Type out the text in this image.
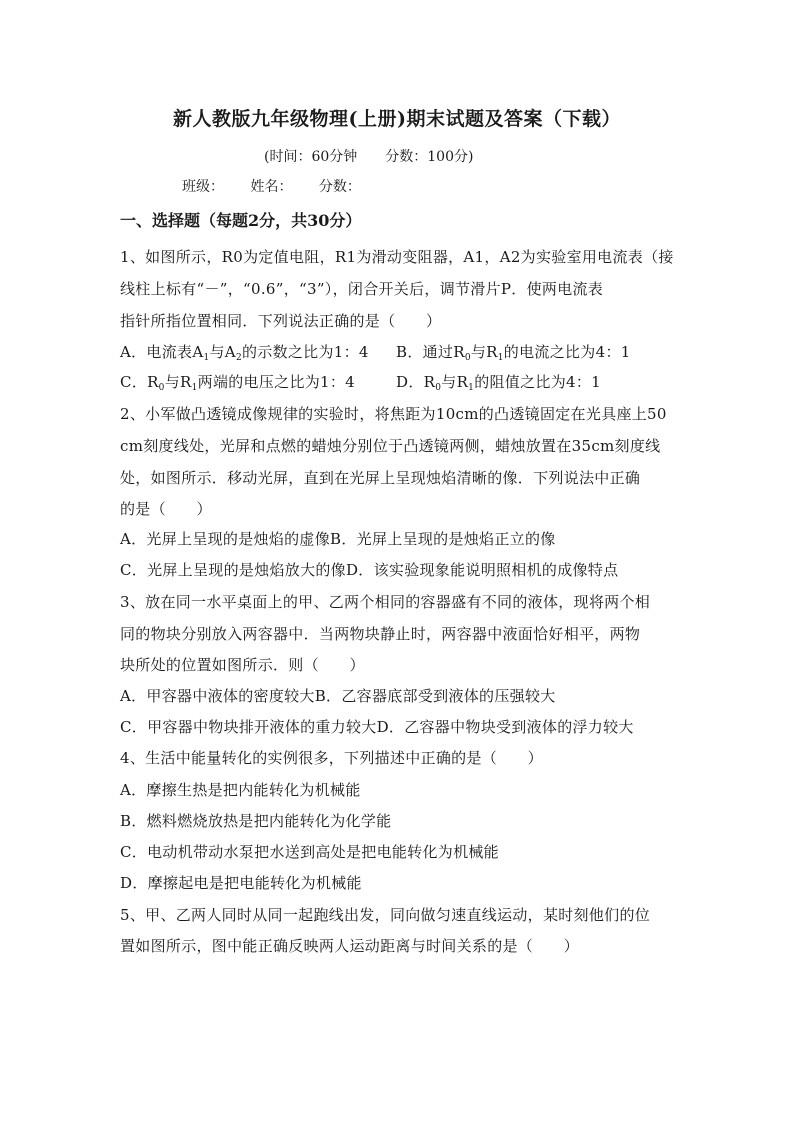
新人教版九年级物理(上册)期末试题及答案（下载）
(时间：60分钟　　分数：100分)
班级： 姓名： 分数：
一、选择题（每题2分，共30分）
1、如图所示，R0为定值电阻，R1为滑动变阻器，A1，A2为实验室用电流表（接
线柱上标有“－”，“0.6”，“3”），闭合开关后，调节滑片P．使两电流表
指针所指位置相同．下列说法正确的是（　　）
A．电流表$A_1$与$A_2$的示数之比为1：4 B．通过$R_0$与$R_1$的电流之比为4：1
C．$R_0$与$R_1$两端的电压之比为1：4	D．$R_0$与$R_1$的阻值之比为4：1
2、小军做凸透镜成像规律的实验时，将焦距为10cm的凸透镜固定在光具座上50
cm刻度线处，光屏和点燃的蜡烛分别位于凸透镜两侧，蜡烛放置在35cm刻度线
处，如图所示．移动光屏，直到在光屏上呈现烛焰清晰的像．下列说法中正确
的是（　　）
A．光屏上呈现的是烛焰的虚像B．光屏上呈现的是烛焰正立的像
C．光屏上呈现的是烛焰放大的像D．该实验现象能说明照相机的成像特点
3、放在同一水平桌面上的甲、乙两个相同的容器盛有不同的液体，现将两个相
同的物块分别放入两容器中．当两物块静止时，两容器中液面恰好相平，两物
块所处的位置如图所示．则（　　）
A．甲容器中液体的密度较大B．乙容器底部受到液体的压强较大
C．甲容器中物块排开液体的重力较大D．乙容器中物块受到液体的浮力较大
4、生活中能量转化的实例很多，下列描述中正确的是（　　）
A．摩擦生热是把内能转化为机械能
B．燃料燃烧放热是把内能转化为化学能
C．电动机带动水泵把水送到高处是把电能转化为机械能
D．摩擦起电是把电能转化为机械能
5、甲、乙两人同时从同一起跑线出发，同向做匀速直线运动，某时刻他们的位
置如图所示，图中能正确反映两人运动距离与时间关系的是（　　）
